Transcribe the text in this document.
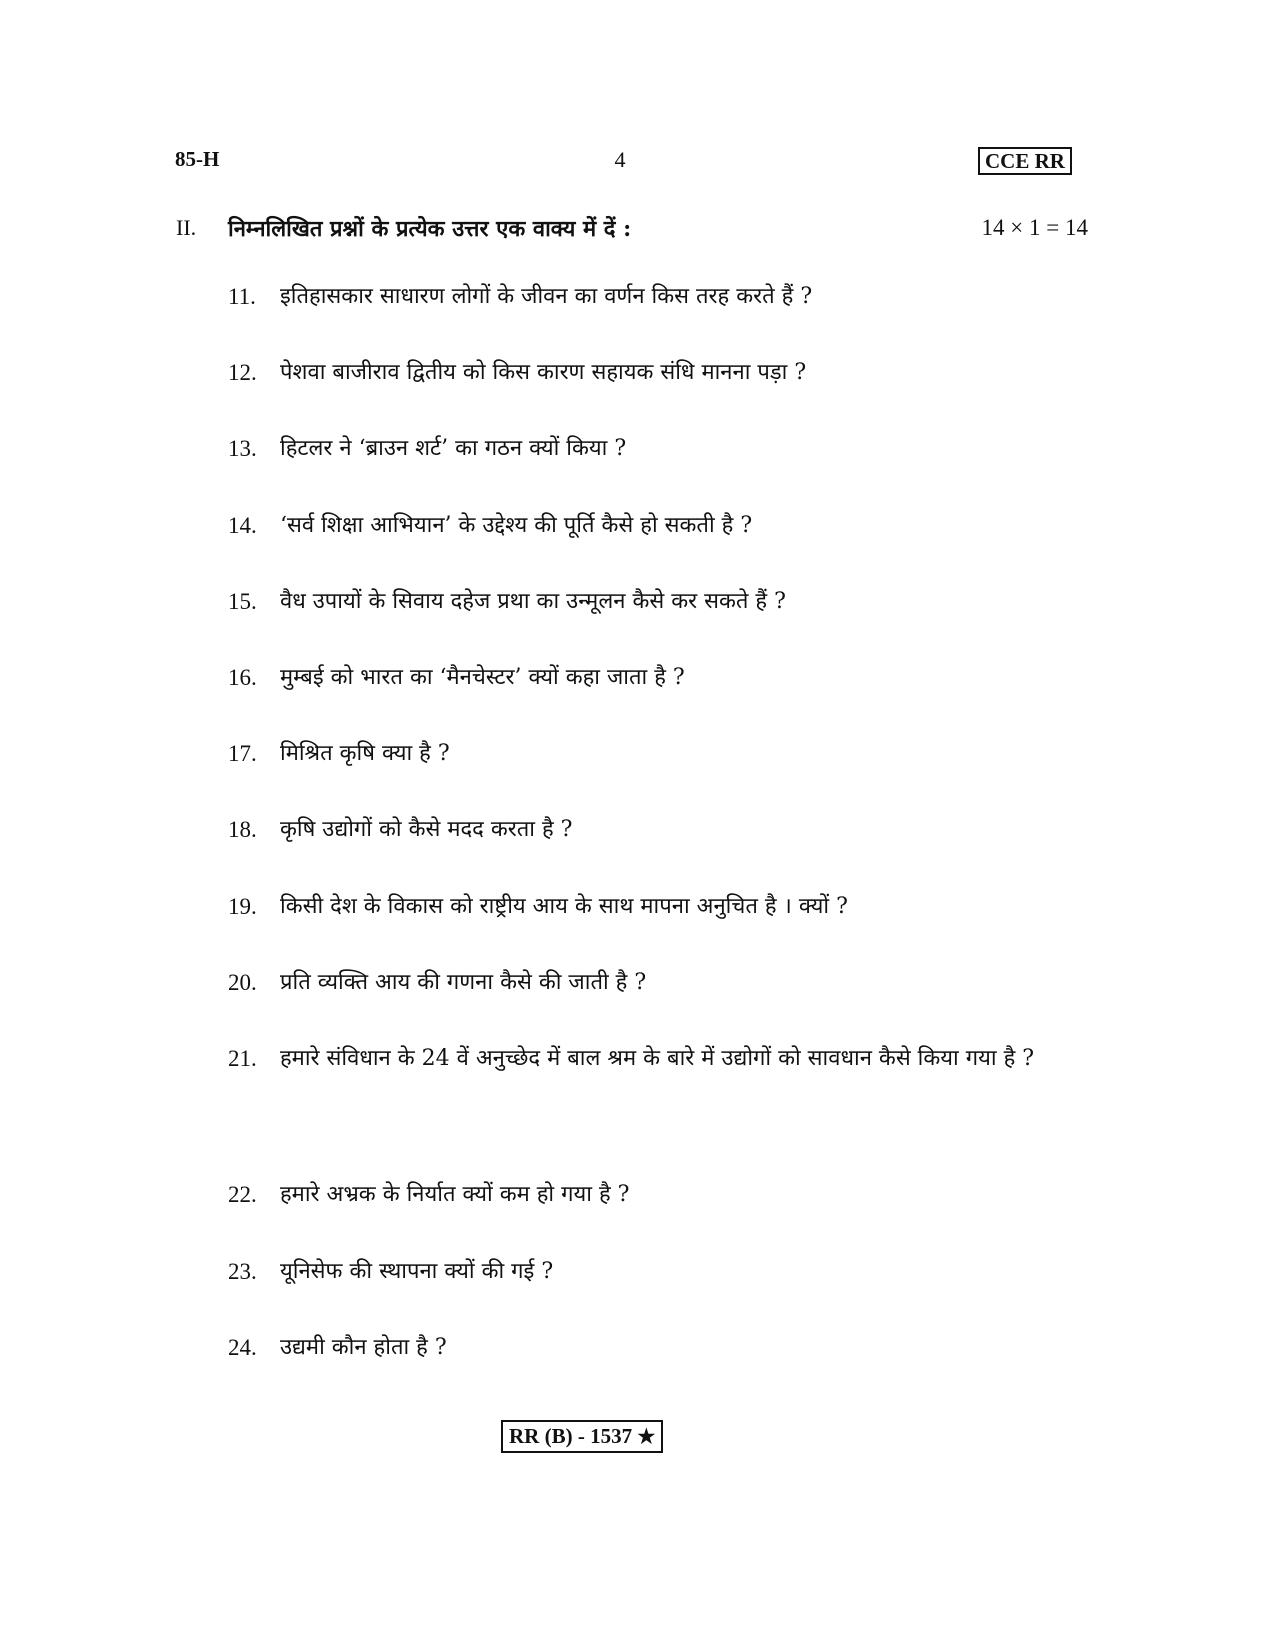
85-H	4	CCE RR
II. निम्नलिखित प्रश्नों के प्रत्येक उत्तर एक वाक्य में दें :	14 × 1 = 14
11. इतिहासकार साधारण लोगों के जीवन का वर्णन किस तरह करते हैं ?
12. पेशवा बाजीराव द्वितीय को किस कारण सहायक संधि मानना पड़ा ?
13. हिटलर ने ‘ब्राउन शर्ट’ का गठन क्यों किया ?
14. ‘सर्व शिक्षा आभियान’ के उद्देश्य की पूर्ति कैसे हो सकती है ?
15. वैध उपायों के सिवाय दहेज प्रथा का उन्मूलन कैसे कर सकते हैं ?
16. मुम्बई को भारत का ‘मैनचेस्टर’ क्यों कहा जाता है ?
17. मिश्रित कृषि क्या है ?
18. कृषि उद्योगों को कैसे मदद करता है ?
19. किसी देश के विकास को राष्ट्रीय आय के साथ मापना अनुचित है । क्यों ?
20. प्रति व्यक्ति आय की गणना कैसे की जाती है ?
21. हमारे संविधान के 24 वें अनुच्छेद में बाल श्रम के बारे में उद्योगों को सावधान कैसे किया गया है ?
22. हमारे अभ्रक के निर्यात क्यों कम हो गया है ?
23. यूनिसेफ की स्थापना क्यों की गई ?
24. उद्यमी कौन होता है ?
RR (B) - 1537 ★
